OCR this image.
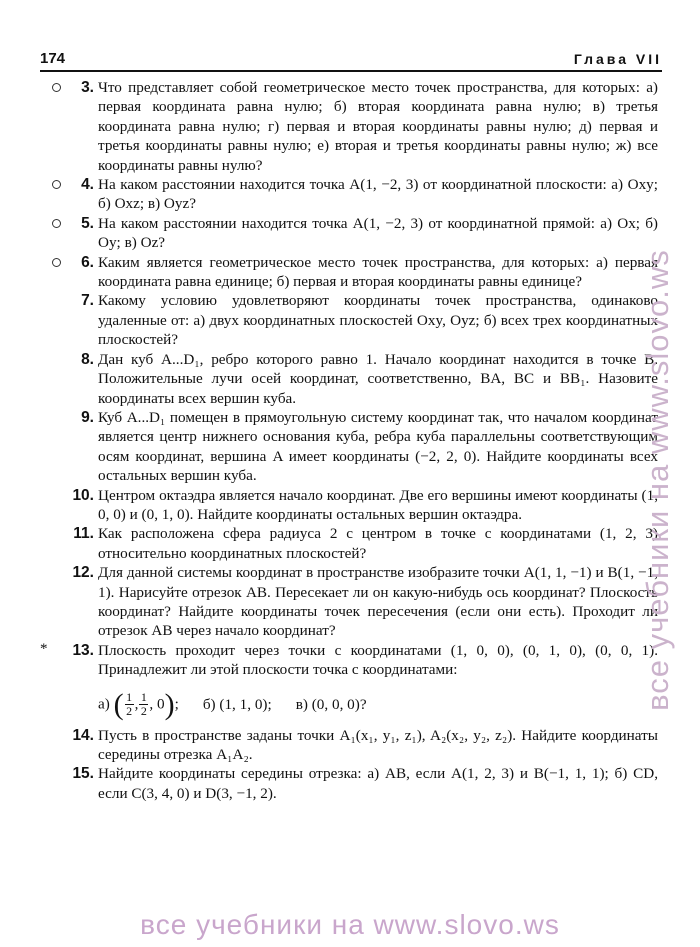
174	Глава VII
3. Что представляет собой геометрическое место точек пространства, для которых: а) первая координата равна нулю; б) вторая координата равна нулю; в) третья координата равна нулю; г) первая и вторая координаты равны нулю; д) первая и третья координаты равны нулю; е) вторая и третья координаты равны нулю; ж) все координаты равны нулю?
4. На каком расстоянии находится точка A(1, −2, 3) от координатной плоскости: а) Oxy; б) Oxz; в) Oyz?
5. На каком расстоянии находится точка A(1, −2, 3) от координатной прямой: а) Ox; б) Oy; в) Oz?
6. Каким является геометрическое место точек пространства, для которых: а) первая координата равна единице; б) первая и вторая координаты равны единице?
7. Какому условию удовлетворяют координаты точек пространства, одинаково удаленные от: а) двух координатных плоскостей Oxy, Oyz; б) всех трех координатных плоскостей?
8. Дан куб A...D₁, ребро которого равно 1. Начало координат находится в точке B. Положительные лучи осей координат, соответственно, BA, BC и BB₁. Назовите координаты всех вершин куба.
9. Куб A...D₁ помещен в прямоугольную систему координат так, что началом координат является центр нижнего основания куба, ребра куба параллельны соответствующим осям координат, вершина A имеет координаты (−2, 2, 0). Найдите координаты всех остальных вершин куба.
10. Центром октаэдра является начало координат. Две его вершины имеют координаты (1, 0, 0) и (0, 1, 0). Найдите координаты остальных вершин октаэдра.
11. Как расположена сфера радиуса 2 с центром в точке с координатами (1, 2, 3) относительно координатных плоскостей?
12. Для данной системы координат в пространстве изобразите точки A(1, 1, −1) и B(1, −1, 1). Нарисуйте отрезок AB. Пересекает ли он какую-нибудь ось координат? Плоскость координат? Найдите координаты точек пересечения (если они есть). Проходит ли отрезок AB через начало координат?
*	13. Плоскость проходит через точки с координатами (1, 0, 0), (0, 1, 0), (0, 0, 1). Принадлежит ли этой плоскости точка с координатами:
а) ( $\frac{1}{2}$ , $\frac{1}{2}$ , 0); б) (1, 1, 0); в) (0, 0, 0)?
14. Пусть в пространстве заданы точки A₁(x₁, y₁, z₁), A₂(x₂, y₂, z₂). Найдите координаты середины отрезка A₁A₂.
15. Найдите координаты середины отрезка: а) AB, если A(1, 2, 3) и B(−1, 1, 1); б) CD, если C(3, 4, 0) и D(3, −1, 2).
все учебники на www.slovo.ws
все учебники на www.slovo.ws
